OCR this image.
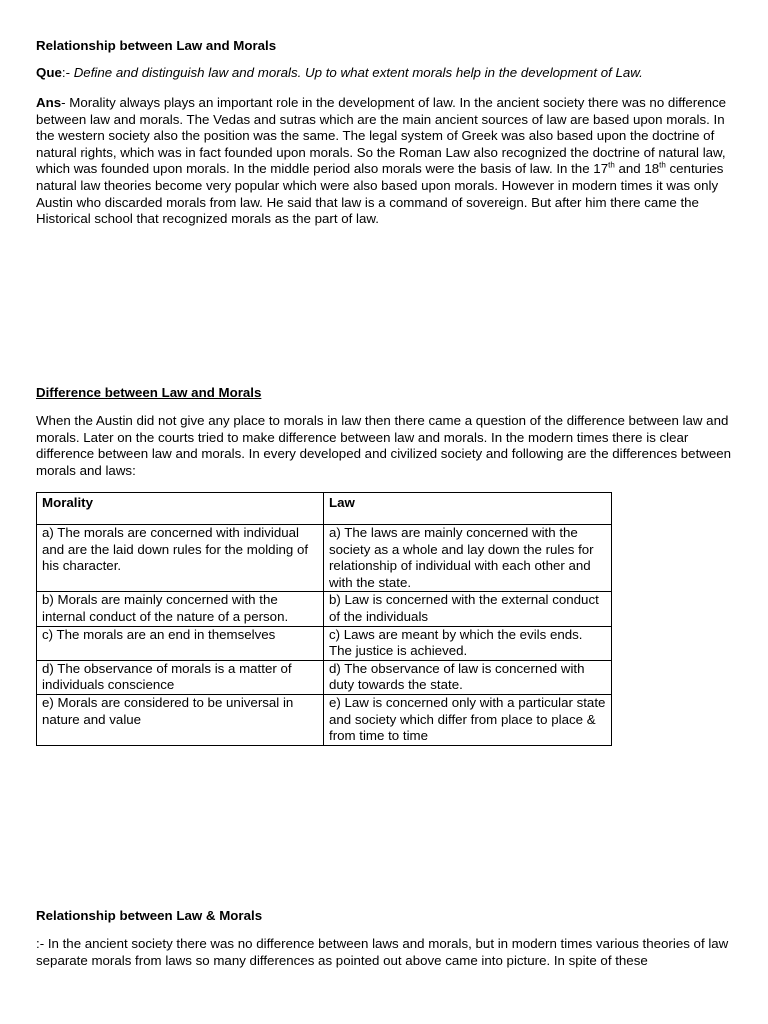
Relationship between Law and Morals
Que:- Define and distinguish law and morals. Up to what extent morals help in the development of Law.
Ans- Morality always plays an important role in the development of law. In the ancient society there was no difference between law and morals. The Vedas and sutras which are the main ancient sources of law are based upon morals. In the western society also the position was the same. The legal system of Greek was also based upon the doctrine of natural rights, which was in fact founded upon morals. So the Roman Law also recognized the doctrine of natural law, which was founded upon morals. In the middle period also morals were the basis of law. In the 17th and 18th centuries natural law theories become very popular which were also based upon morals. However in modern times it was only Austin who discarded morals from law. He said that law is a command of sovereign. But after him there came the Historical school that recognized morals as the part of law.
Difference between Law and Morals
When the Austin did not give any place to morals in law then there came a question of the difference between law and morals. Later on the courts tried to make difference between law and morals. In the modern times there is clear difference between law and morals. In every developed and civilized society and following are the differences between morals and laws:
Morality	Law
a) The morals are concerned with individual and are the laid down rules for the molding of his character.	a) The laws are mainly concerned with the society as a whole and lay down the rules for relationship of individual with each other and with the state.
b) Morals are mainly concerned with the internal conduct of the nature of a person.	b) Law is concerned with the external conduct of the individuals
c) The morals are an end in themselves	c) Laws are meant by which the evils ends. The justice is achieved.
d) The observance of morals is a matter of individuals conscience	d) The observance of law is concerned with duty towards the state.
e) Morals are considered to be universal in nature and value	e) Law is concerned only with a particular state and society which differ from place to place & from time to time
Relationship between Law & Morals
:- In the ancient society there was no difference between laws and morals, but in modern times various theories of law separate morals from laws so many differences as pointed out above came into picture. In spite of these
